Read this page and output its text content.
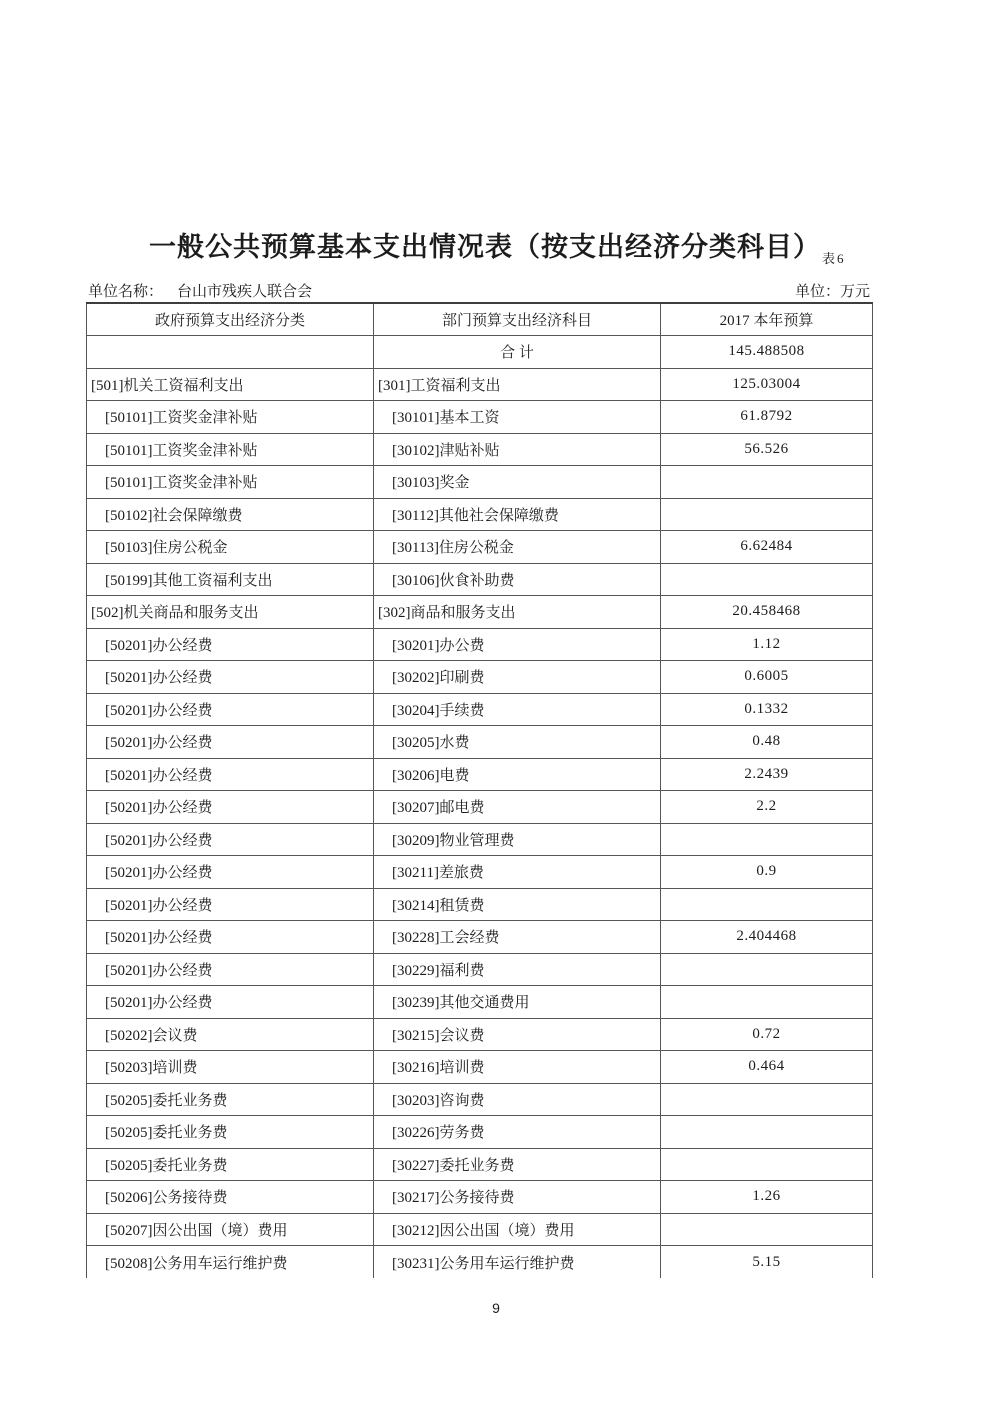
一般公共预算基本支出情况表（按支出经济分类科目） 表6
单位名称： 台山市残疾人联合会	单位：万元
政府预算支出经济分类	部门预算支出经济科目	2017 本年预算
	合 计	145.488508
[501]机关工资福利支出	[301]工资福利支出	125.03004
[50101]工资奖金津补贴	[30101]基本工资	61.8792
[50101]工资奖金津补贴	[30102]津贴补贴	56.526
[50101]工资奖金津补贴	[30103]奖金	
[50102]社会保障缴费	[30112]其他社会保障缴费	
[50103]住房公税金	[30113]住房公税金	6.62484
[50199]其他工资福利支出	[30106]伙食补助费	
[502]机关商品和服务支出	[302]商品和服务支出	20.458468
[50201]办公经费	[30201]办公费	1.12
[50201]办公经费	[30202]印刷费	0.6005
[50201]办公经费	[30204]手续费	0.1332
[50201]办公经费	[30205]水费	0.48
[50201]办公经费	[30206]电费	2.2439
[50201]办公经费	[30207]邮电费	2.2
[50201]办公经费	[30209]物业管理费	
[50201]办公经费	[30211]差旅费	0.9
[50201]办公经费	[30214]租赁费	
[50201]办公经费	[30228]工会经费	2.404468
[50201]办公经费	[30229]福利费	
[50201]办公经费	[30239]其他交通费用	
[50202]会议费	[30215]会议费	0.72
[50203]培训费	[30216]培训费	0.464
[50205]委托业务费	[30203]咨询费	
[50205]委托业务费	[30226]劳务费	
[50205]委托业务费	[30227]委托业务费	
[50206]公务接待费	[30217]公务接待费	1.26
[50207]因公出国（境）费用	[30212]因公出国（境）费用	
[50208]公务用车运行维护费	[30231]公务用车运行维护费	5.15
9
